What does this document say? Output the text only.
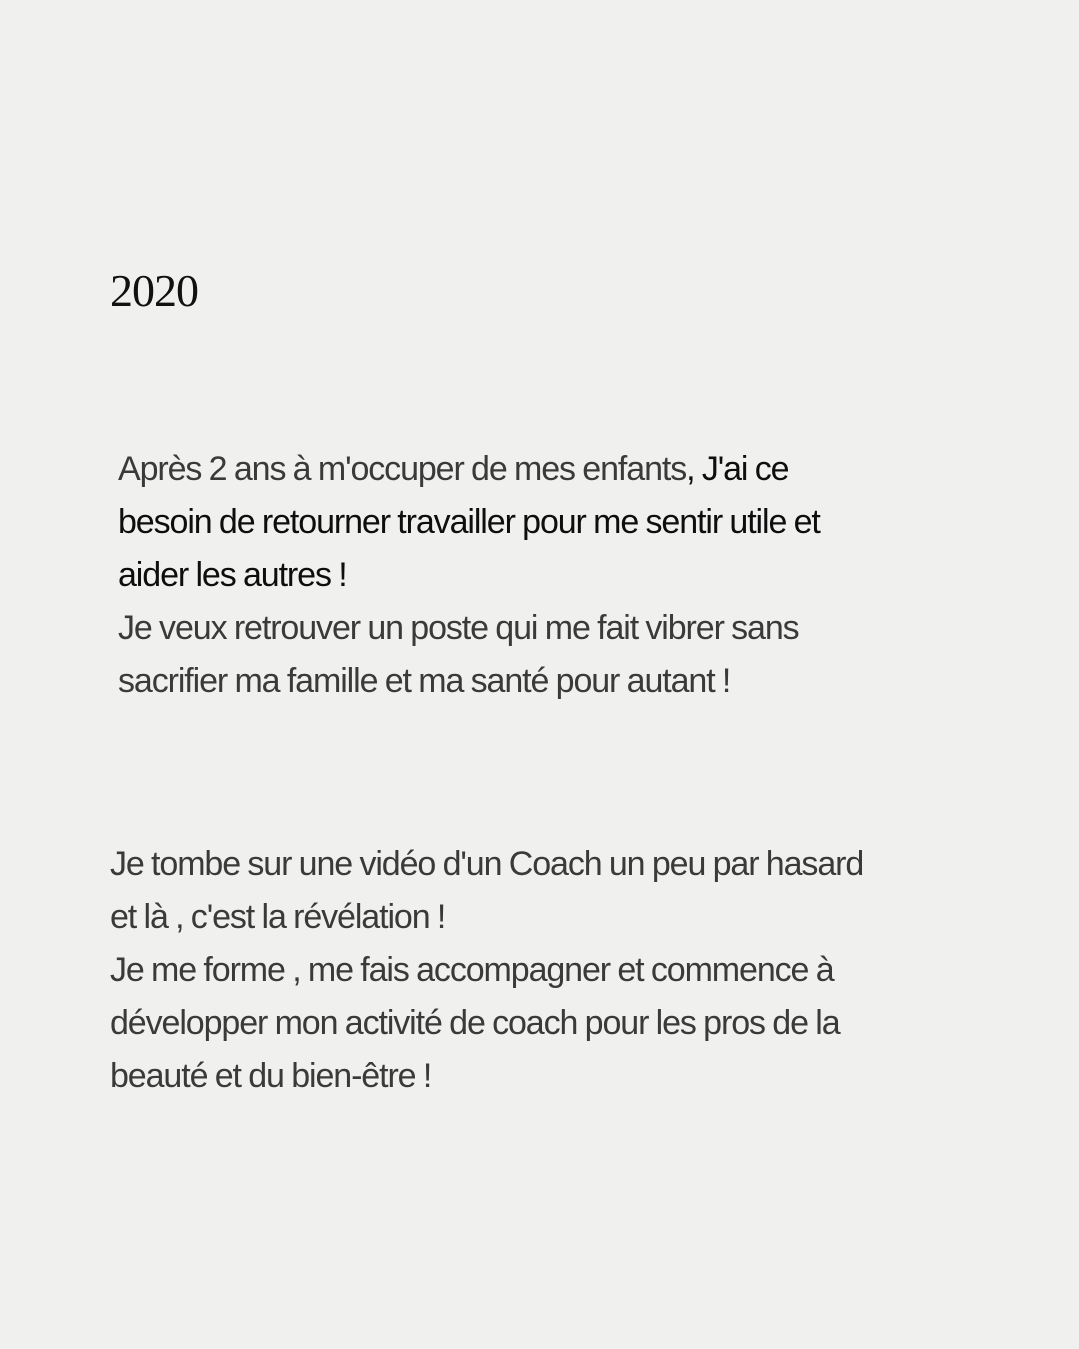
2020

Après 2 ans à m'occuper de mes enfants, J'ai ce
besoin de retourner travailler pour me sentir utile et
aider les autres !
Je veux retrouver un poste qui me fait vibrer sans
sacrifier ma famille et ma santé pour autant !

Je tombe sur une vidéo d'un Coach un peu par hasard
et là , c'est la révélation !
Je me forme , me fais accompagner et commence à
développer mon activité de coach pour les pros de la
beauté et du bien-être !
